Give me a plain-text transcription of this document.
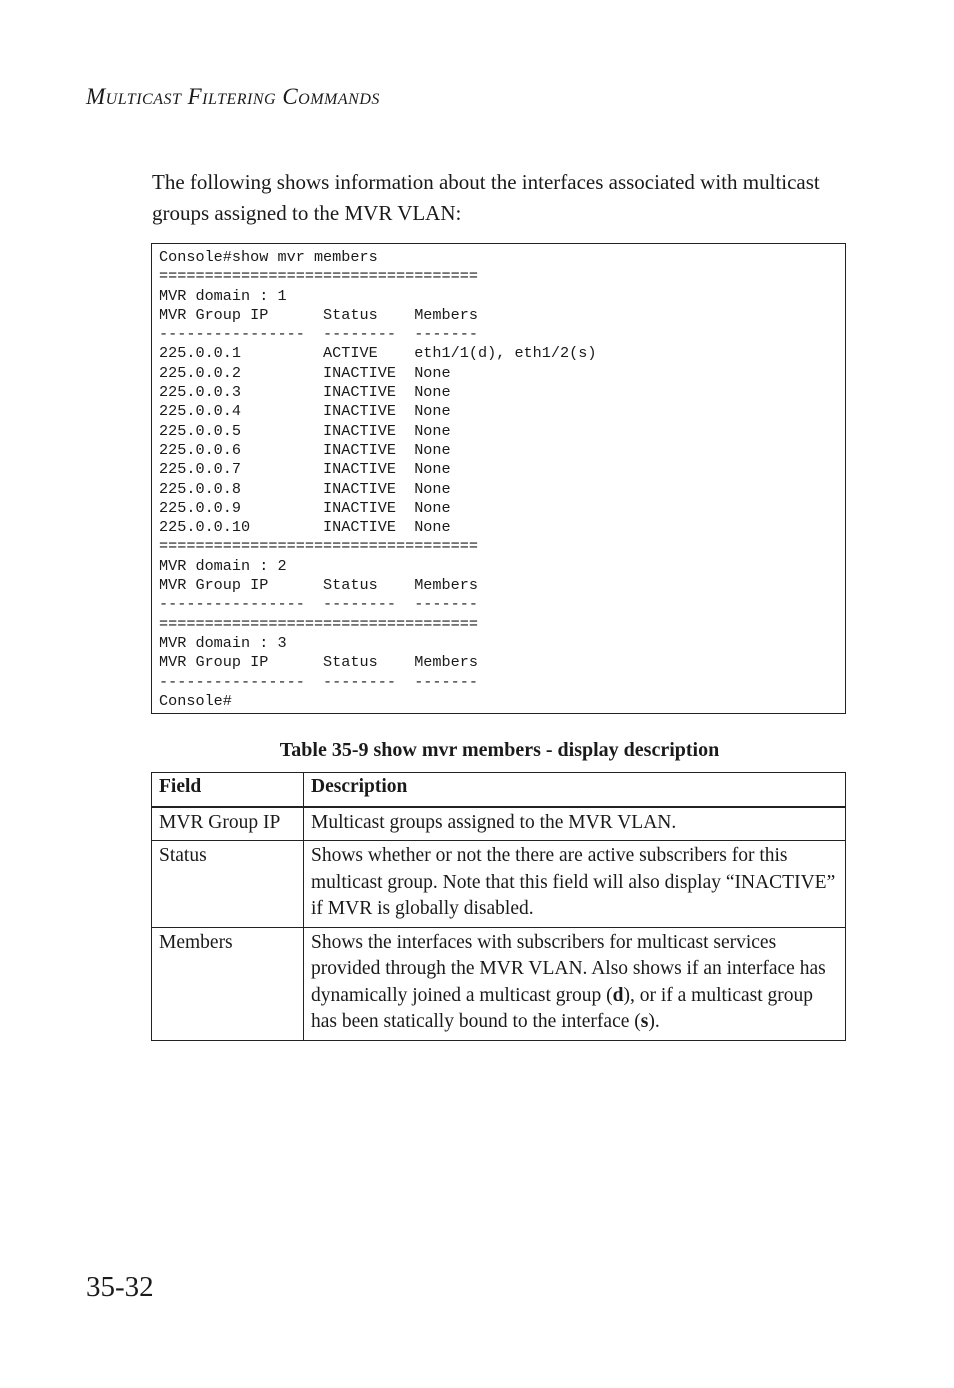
Multicast Filtering Commands
The following shows information about the interfaces associated with multicast groups assigned to the MVR VLAN:
Console#show mvr members
===================================
MVR domain : 1
MVR Group IP      Status    Members
----------------  --------  -------
225.0.0.1         ACTIVE    eth1/1(d), eth1/2(s)
225.0.0.2         INACTIVE  None
225.0.0.3         INACTIVE  None
225.0.0.4         INACTIVE  None
225.0.0.5         INACTIVE  None
225.0.0.6         INACTIVE  None
225.0.0.7         INACTIVE  None
225.0.0.8         INACTIVE  None
225.0.0.9         INACTIVE  None
225.0.0.10        INACTIVE  None
===================================
MVR domain : 2
MVR Group IP      Status    Members
----------------  --------  -------
===================================
MVR domain : 3
MVR Group IP      Status    Members
----------------  --------  -------
Console#
Table 35-9 show mvr members - display description
Field	Description
MVR Group IP	Multicast groups assigned to the MVR VLAN.
Status	Shows whether or not the there are active subscribers for this multicast group. Note that this field will also display “INACTIVE” if MVR is globally disabled.
Members	Shows the interfaces with subscribers for multicast services provided through the MVR VLAN. Also shows if an interface has dynamically joined a multicast group (d), or if a multicast group has been statically bound to the interface (s).
35-32
